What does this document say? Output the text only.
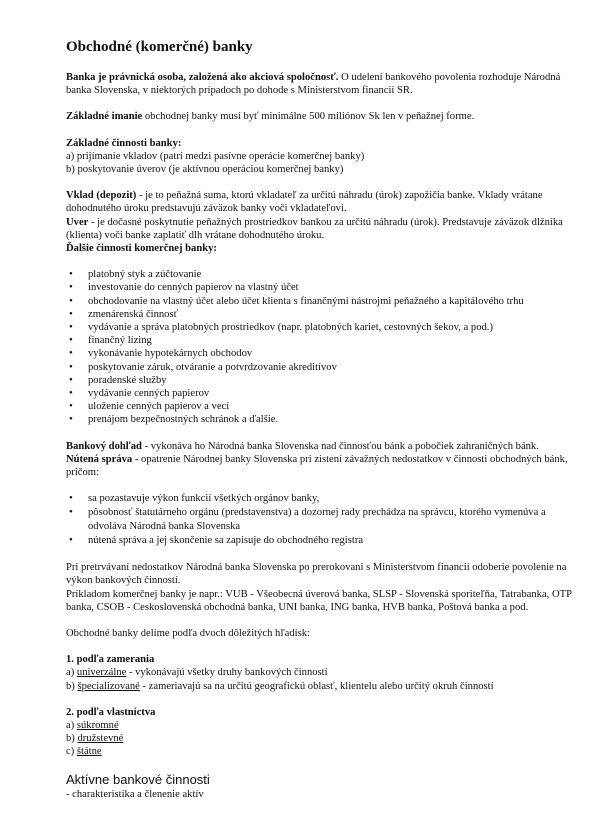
Obchodné (komerčné) banky

Banka je právnická osoba, založená ako akciová spoločnosť. O udelení bankového povolenia rozhoduje Národná banka Slovenska, v niektorých prípadoch po dohode s Ministerstvom financií SR.

Základné imanie obchodnej banky musí byť minimálne 500 miliónov Sk len v peňažnej forme.

Základné činnosti banky:

a) prijímanie vkladov (patrí medzi pasívne operácie komerčnej banky)

b) poskytovanie úverov (je aktívnou operáciou komerčnej banky)

Vklad (depozit) - je to peňažná suma, ktorú vkladateľ za určitú náhradu (úrok) zapožičia banke. Vklady vrátane dohodnutého úroku predstavujú záväzok banky voči vkladateľovi.

Uver - je dočasné poskytnutie peňažných prostriedkov bankou za určitú náhradu (úrok). Predstavuje záväzok dlžníka (klienta) voči banke zaplatiť dlh vrátane dohodnutého úroku.

Ďalšie činnosti komerčnej banky:

• platobný styk a zúčtovanie
• investovanie do cenných papierov na vlastný účet
• obchodovanie na vlastný účet alebo účet klienta s finančnými nástrojmi peňažného a kapitálového trhu
• zmenárenská činnosť
• vydávanie a správa platobných prostriedkov (napr. platobných kariet, cestovných šekov, a pod.)
• finančný lízing
• vykonávanie hypotekárnych obchodov
• poskytovanie záruk, otváranie a potvrdzovanie akreditívov
• poradenské služby
• vydávanie cenných papierov
• uloženie cenných papierov a vecí
• prenájom bezpečnostných schránok a ďalšie.

Bankový dohľad - vykonáva ho Národná banka Slovenska nad činnosťou bánk a pobočiek zahraničných bánk.

Nútená správa - opatrenie Národnej banky Slovenska pri zistení závažných nedostatkov v činnosti obchodných bánk, pričom:

• sa pozastavuje výkon funkcií všetkých orgánov banky,
• pôsobnosť štatutárneho orgánu (predstavenstva) a dozornej rady prechádza na správcu, ktorého vymenúva a odvoláva Národná banka Slovenska
• nútená správa a jej skončenie sa zapisuje do obchodného registra

Pri pretrvávaní nedostatkov Národná banka Slovenska po prerokovaní s Ministerstvom financií odoberie povolenie na výkon bankových činností.

Príkladom komerčnej banky je napr.: VUB - Všeobecná úverová banka, SLSP - Slovenská sporiteľňa, Tatrabanka, OTP banka, CSOB - Ceskoslovenská obchodná banka, UNI banka, ING banka, HVB banka, Poštová banka a pod.

Obchodné banky delíme podľa dvoch dôležitých hľadísk:

1. podľa zamerania

a) univerzálne - vykonávajú všetky druhy bankových činností

b) špecializované - zameriavajú sa na určitú geografickú oblasť, klientelu alebo určitý okruh činností

2. podľa vlastníctva

a) súkromné

b) družstevné

c) štátne

Aktívne bankové činnosti

- charakteristika a členenie aktív
